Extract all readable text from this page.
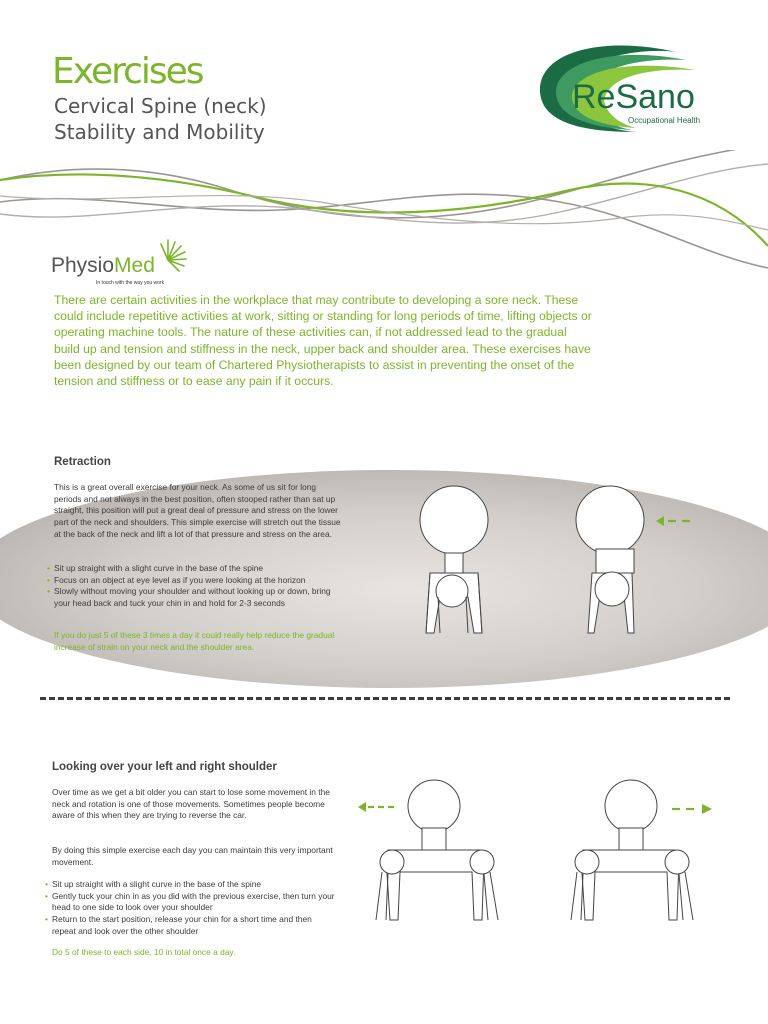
Exercises
Cervical Spine (neck)
Stability and Mobility
ReSano
Occupational Health
PhysioMed
In touch with the way you work

There are certain activities in the workplace that may contribute to developing a sore neck. These could include repetitive activities at work, sitting or standing for long periods of time, lifting objects or operating machine tools. The nature of these activities can, if not addressed lead to the gradual build up and tension and stiffness in the neck, upper back and shoulder area. These exercises have been designed by our team of Chartered Physiotherapists to assist in preventing the onset of the tension and stiffness or to ease any pain if it occurs.

Retraction

This is a great overall exercise for your neck. As some of us sit for long periods and not always in the best position, often stooped rather than sat up straight, this position will put a great deal of pressure and stress on the lower part of the neck and shoulders. This simple exercise will stretch out the tissue at the back of the neck and lift a lot of that pressure and stress on the area.

• Sit up straight with a slight curve in the base of the spine
• Focus on an object at eye level as if you were looking at the horizon
• Slowly without moving your shoulder and without looking up or down, bring your head back and tuck your chin in and hold for 2-3 seconds

If you do just 5 of these 3 times a day it could really help reduce the gradual increase of strain on your neck and the shoulder area.

Looking over your left and right shoulder

Over time as we get a bit older you can start to lose some movement in the neck and rotation is one of those movements. Sometimes people become aware of this when they are trying to reverse the car.

By doing this simple exercise each day you can maintain this very important movement.

• Sit up straight with a slight curve in the base of the spine
• Gently tuck your chin in as you did with the previous exercise, then turn your head to one side to look over your shoulder
• Return to the start position, release your chin for a short time and then repeat and look over the other shoulder

Do 5 of these to each side, 10 in total once a day.
